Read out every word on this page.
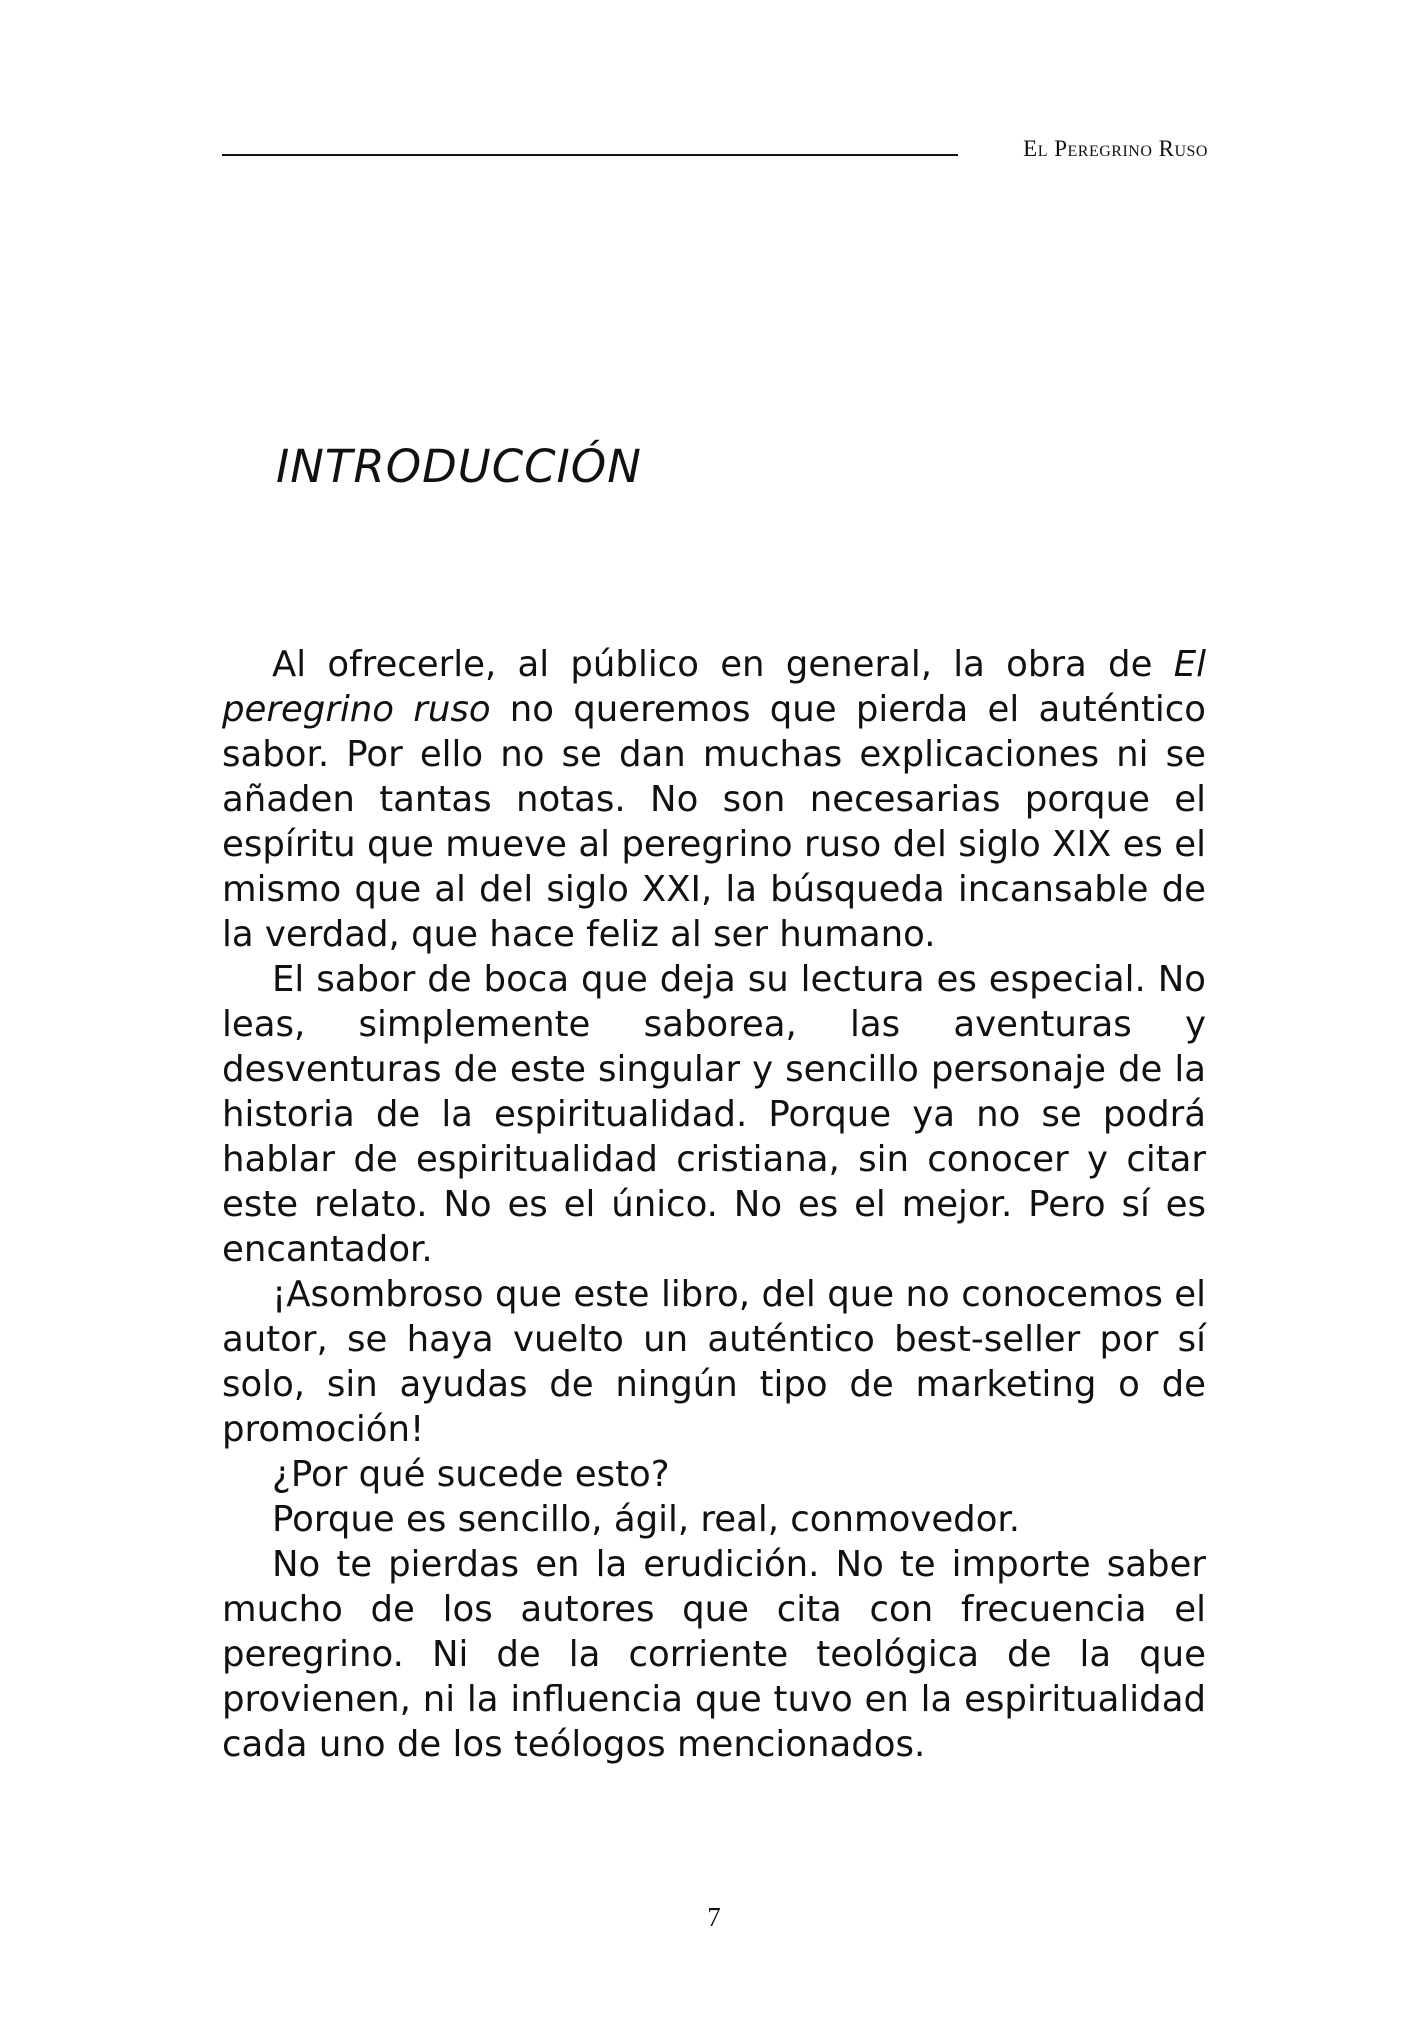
El Peregrino Ruso
INTRODUCCIÓN

Al ofrecerle, al público en general, la obra de El peregrino ruso no queremos que pierda el auténtico sabor. Por ello no se dan muchas explicaciones ni se añaden tantas notas. No son necesarias porque el espíritu que mueve al peregrino ruso del siglo XIX es el mismo que al del siglo XXI, la búsqueda incansable de la verdad, que hace feliz al ser humano.

El sabor de boca que deja su lectura es especial. No leas, simplemente saborea, las aventuras y desventuras de este singular y sencillo personaje de la historia de la espiritualidad. Porque ya no se podrá hablar de espiritualidad cristiana, sin conocer y citar este relato. No es el único. No es el mejor. Pero sí es encantador.

¡Asombroso que este libro, del que no conocemos el autor, se haya vuelto un auténtico best-seller por sí solo, sin ayudas de ningún tipo de marketing o de promoción!

¿Por qué sucede esto?

Porque es sencillo, ágil, real, conmovedor.

No te pierdas en la erudición. No te importe saber mucho de los autores que cita con frecuencia el peregrino. Ni de la corriente teológica de la que provienen, ni la influencia que tuvo en la espiritualidad cada uno de los teólogos mencionados.

7
